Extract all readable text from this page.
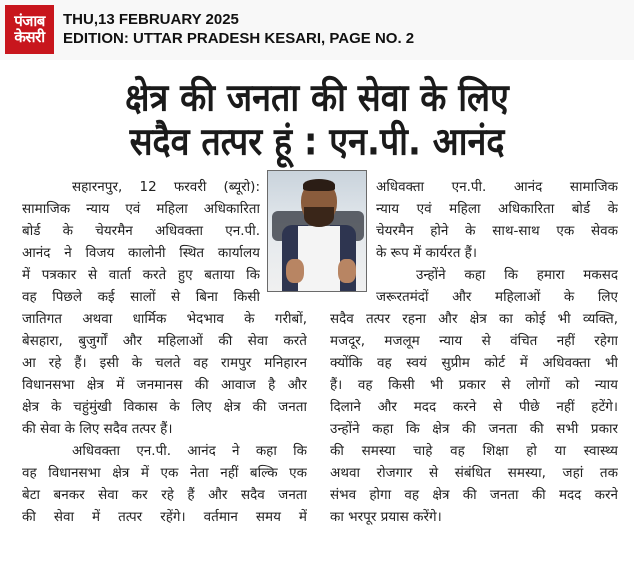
पंजाब
केसरी
THU,13 FEBRUARY 2025
EDITION: UTTAR PRADESH KESARI, PAGE NO. 2
क्षेत्र की जनता की सेवा के लिए
सदैव तत्पर हूं : एन.पी. आनंद
सहारनपुर, 12 फरवरी (ब्यूरो):
सामाजिक न्याय एवं महिला अधिकारिता
बोर्ड के चेयरमैन अधिवक्ता एन.पी.
आनंद ने विजय कालोनी स्थित कार्यालय
में पत्रकार से वार्ता करते हुए बताया कि
वह पिछले कई सालों से बिना किसी
जातिगत अथवा धार्मिक भेदभाव के गरीबों,
बेसहारा, बुजुर्गों और महिलाओं की सेवा करते
आ रहे हैं। इसी के चलते वह रामपुर मनिहारन
विधानसभा क्षेत्र में जनमानस की आवाज है और
क्षेत्र के चहुंमुंखी विकास के लिए क्षेत्र की जनता
की सेवा के लिए सदैव तत्पर हैं।
अधिवक्ता एन.पी. आनंद ने कहा कि
वह विधानसभा क्षेत्र में एक नेता नहीं बल्कि एक
बेटा बनकर सेवा कर रहे हैं और सदैव जनता
की सेवा में तत्पर रहेंगे। वर्तमान समय में
अधिवक्ता एन.पी. आनंद सामाजिक
न्याय एवं महिला अधिकारिता बोर्ड के
चेयरमैन होने के साथ-साथ एक सेवक
के रूप में कार्यरत हैं।
उन्होंने कहा कि हमारा मकसद
जरूरतमंदों और महिलाओं के लिए
सदैव तत्पर रहना और क्षेत्र का कोई भी व्यक्ति,
मजदूर, मजलूम न्याय से वंचित नहीं रहेगा
क्योंकि वह स्वयं सुप्रीम कोर्ट में अधिवक्ता भी
हैं। वह किसी भी प्रकार से लोगों को न्याय
दिलाने और मदद करने से पीछे नहीं हटेंगे।
उन्होंने कहा कि क्षेत्र की जनता की सभी प्रकार
की समस्या चाहे वह शिक्षा हो या स्वास्थ्य
अथवा रोजगार से संबंधित समस्या, जहां तक
संभव होगा वह क्षेत्र की जनता की मदद करने
का भरपूर प्रयास करेंगे।
